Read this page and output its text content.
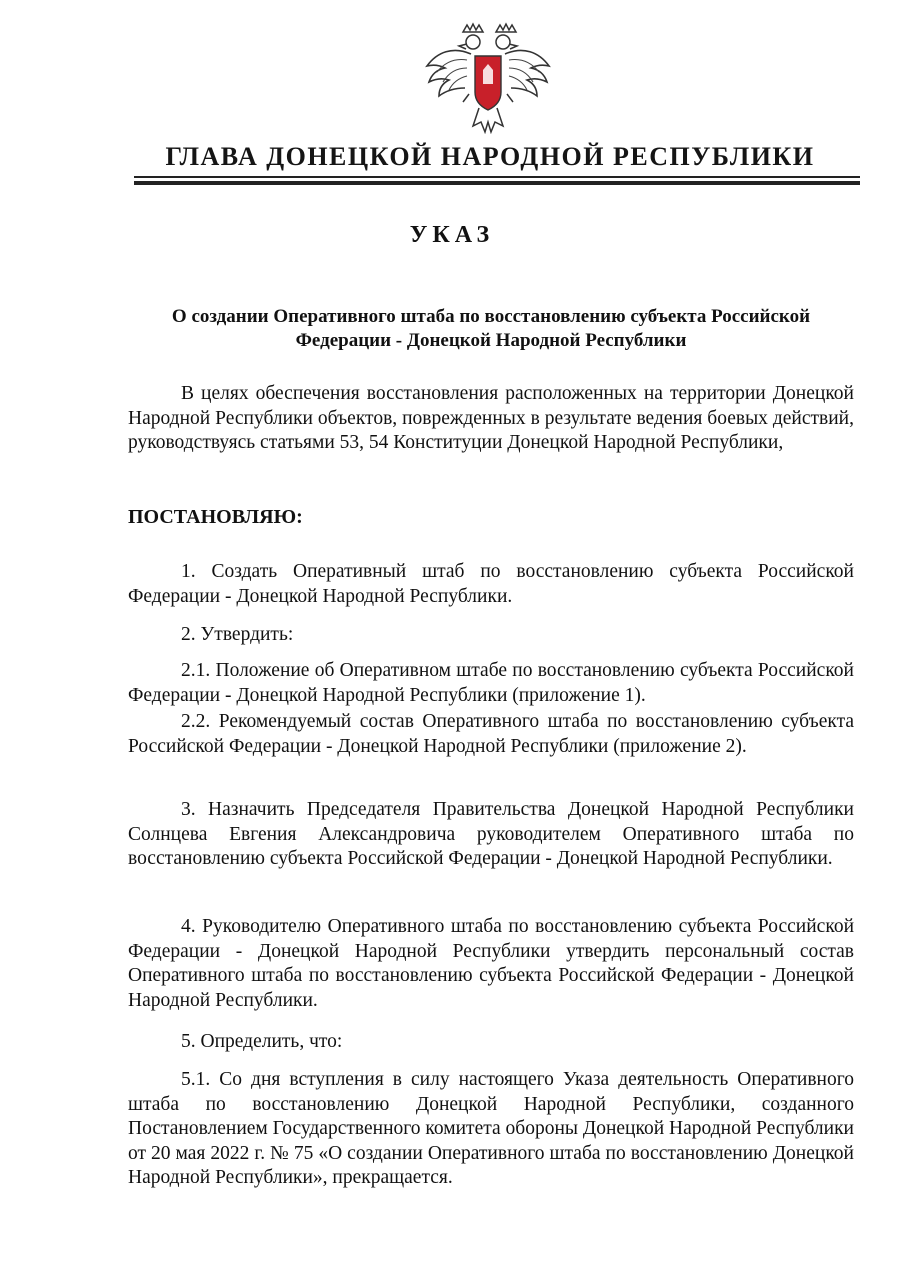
ГЛАВА ДОНЕЦКОЙ НАРОДНОЙ РЕСПУБЛИКИ
УКАЗ
О создании Оперативного штаба по восстановлению субъекта Российской
Федерации - Донецкой Народной Республики

В целях обеспечения восстановления расположенных на территории Донецкой Народной Республики объектов, поврежденных в результате ведения боевых действий, руководствуясь статьями 53, 54 Конституции Донецкой Народной Республики,

ПОСТАНОВЛЯЮ:

1. Создать Оперативный штаб по восстановлению субъекта Российской Федерации - Донецкой Народной Республики.

2. Утвердить:

2.1. Положение об Оперативном штабе по восстановлению субъекта Российской Федерации - Донецкой Народной Республики (приложение 1).

2.2. Рекомендуемый состав Оперативного штаба по восстановлению субъекта Российской Федерации - Донецкой Народной Республики (приложение 2).

3. Назначить Председателя Правительства Донецкой Народной Республики Солнцева Евгения Александровича руководителем Оперативного штаба по восстановлению субъекта Российской Федерации - Донецкой Народной Республики.

4. Руководителю Оперативного штаба по восстановлению субъекта Российской Федерации - Донецкой Народной Республики утвердить персональный состав Оперативного штаба по восстановлению субъекта Российской Федерации - Донецкой Народной Республики.

5. Определить, что:

5.1. Со дня вступления в силу настоящего Указа деятельность Оперативного штаба по восстановлению Донецкой Народной Республики, созданного Постановлением Государственного комитета обороны Донецкой Народной Республики от 20 мая 2022 г. № 75 «О создании Оперативного штаба по восстановлению Донецкой Народной Республики», прекращается.
